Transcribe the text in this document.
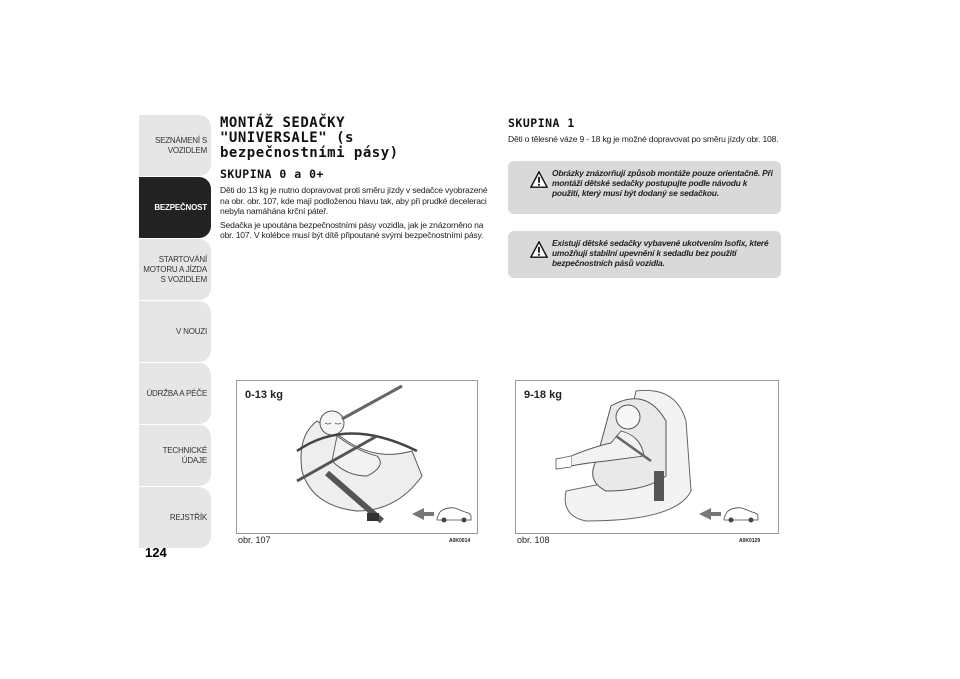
SEZNÁMENÍ S VOZIDLEM
BEZPEČNOST
STARTOVÁNÍ MOTORU A JÍZDA S VOZIDLEM
V NOUZI
ÚDRŽBA A PÉČE
TECHNICKÉ ÚDAJE
REJSTŘÍK
124
MONTÁŽ SEDAČKY "UNIVERSALE" (s bezpečnostními pásy)
SKUPINA 0 a 0+

Děti do 13 kg je nutno dopravovat proti směru jízdy v sedačce vyobrazené na obr. obr. 107, kde mají podloženou hlavu tak, aby při prudké deceleraci nebyla namáhána krční páteř.

Sedačka je upoutána bezpečnostními pásy vozidla, jak je znázorněno na obr. 107. V kolébce musí být dítě připoutané svými bezpečnostními pásy.

SKUPINA 1

Děti o tělesné váze 9 - 18 kg je možné dopravovat po směru jízdy obr. 108.

Obrázky znázorňují způsob montáže pouze orientačně. Při montáži dětské sedačky postupujte podle návodu k použití, který musí být dodaný se sedačkou.
Existují dětské sedačky vybavené ukotvením Isofix, které umožňují stabilní upevnění k sedadlu bez použití bezpečnostních pásů vozidla.
0-13 kg
obr. 107	A0K0014
9-18 kg
obr. 108	A0K0129
